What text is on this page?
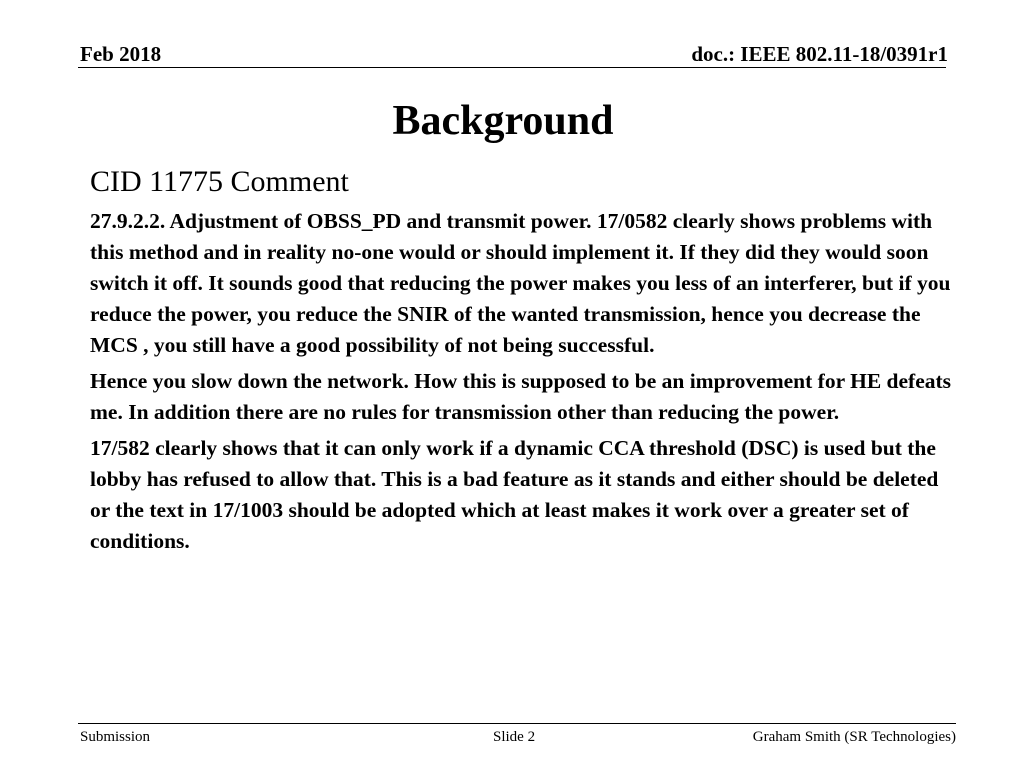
Feb 2018	doc.: IEEE 802.11-18/0391r1
Background
CID 11775 Comment

27.9.2.2. Adjustment of OBSS_PD and transmit power. 17/0582 clearly shows problems with this method and in reality no-one would or should implement it. If they did they would soon switch it off. It sounds good that reducing the power makes you less of an interferer, but if you reduce the power, you reduce the SNIR of the wanted transmission, hence you decrease the MCS , you still have a good possibility of not being successful.

Hence you slow down the network. How this is supposed to be an improvement for HE defeats me. In addition there are no rules for transmission other than reducing the power.

17/582 clearly shows that it can only work if a dynamic CCA threshold (DSC) is used but the lobby has refused to allow that. This is a bad feature as it stands and either should be deleted or the text in 17/1003 should be adopted which at least makes it work over a greater set of conditions.

Submission	Slide 2	Graham Smith (SR Technologies)
